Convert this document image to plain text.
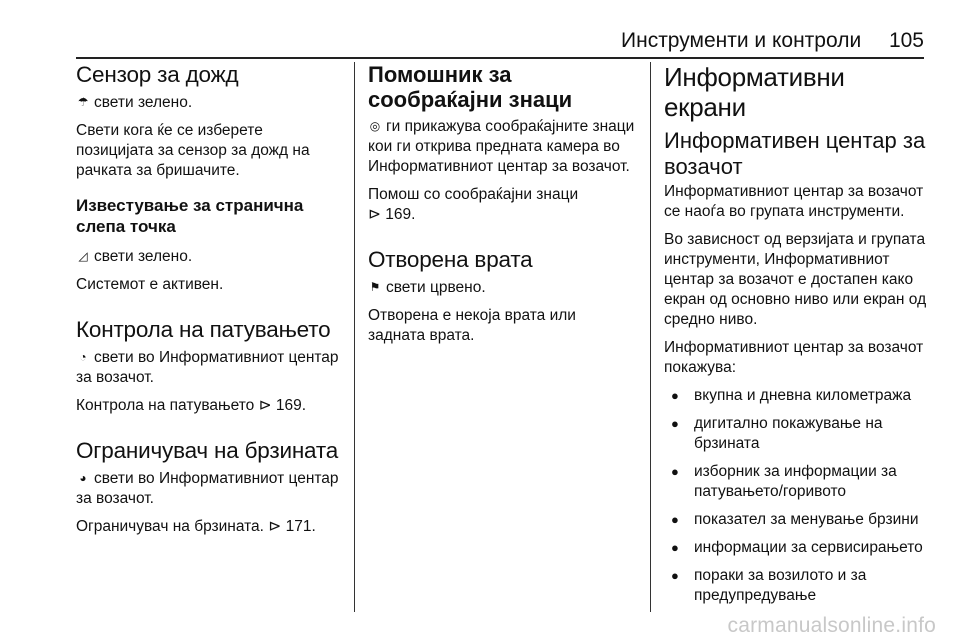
Инструменти и контроли 105
Сензор за дожд

☂ свети зелено.

Свети кога ќе се изберете позицијата за сензор за дожд на рачката за бришачите.

Известување за странична слепа точка

◿ свети зелено.

Системот е активен.

Контрола на патувањето

◔ свети во Информативниот центар за возачот.

Контрола на патувањето ⊳ 169.

Ограничувач на брзината

◕ свети во Информативниот центар за возачот.

Ограничувач на брзината. ⊳ 171.

Помошник за сообраќајни знаци

◎ ги прикажува сообраќајните знаци кои ги открива предната камера во Информативниот центар за возачот.

Помош со сообраќајни знаци
⊳ 169.

Отворена врата

⚑ свети црвено.

Отворена е некоја врата или задната врата.

Информативни екрани
Информативен центар за возачот

Информативниот центар за возачот се наоѓа во групата инструменти.

Во зависност од верзијата и групата инструменти, Информативниот центар за возачот е достапен како екран од основно ниво или екран од средно ниво.

Информативниот центар за возачот покажува:

● вкупна и дневна километража
● дигитално покажување на брзината
● изборник за информации за патувањето/горивото
● показател за менување брзини
● информации за сервисирањето
● пораки за возилото и за предупредување
carmanualsonline.info
